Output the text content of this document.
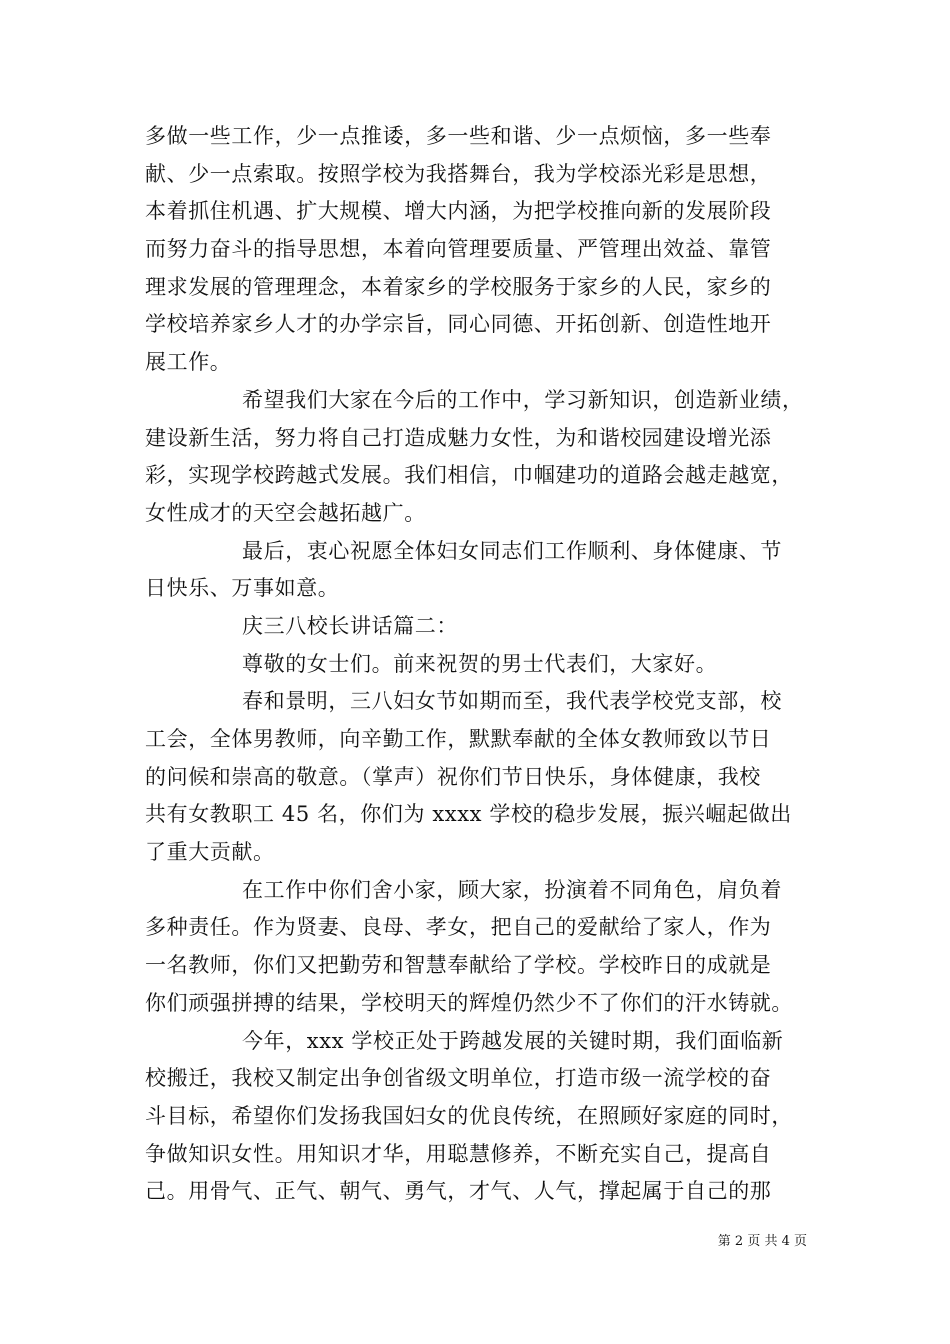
多做一些工作，少一点推诿，多一些和谐、少一点烦恼，多一些奉
献、少一点索取。按照学校为我搭舞台，我为学校添光彩是思想，
本着抓住机遇、扩大规模、增大内涵，为把学校推向新的发展阶段
而努力奋斗的指导思想，本着向管理要质量、严管理出效益、靠管
理求发展的管理理念，本着家乡的学校服务于家乡的人民，家乡的
学校培养家乡人才的办学宗旨，同心同德、开拓创新、创造性地开
展工作。
希望我们大家在今后的工作中，学习新知识，创造新业绩，
建设新生活，努力将自己打造成魅力女性，为和谐校园建设增光添
彩，实现学校跨越式发展。我们相信，巾帼建功的道路会越走越宽，
女性成才的天空会越拓越广。
最后，衷心祝愿全体妇女同志们工作顺利、身体健康、节
日快乐、万事如意。
庆三八校长讲话篇二：
尊敬的女士们。前来祝贺的男士代表们，大家好。
春和景明，三八妇女节如期而至，我代表学校党支部，校
工会，全体男教师，向辛勤工作，默默奉献的全体女教师致以节日
的问候和崇高的敬意。（掌声）祝你们节日快乐，身体健康，我校
共有女教职工 45 名，你们为 xxxx 学校的稳步发展，振兴崛起做出
了重大贡献。
在工作中你们舍小家，顾大家，扮演着不同角色，肩负着
多种责任。作为贤妻、良母、孝女，把自己的爱献给了家人，作为
一名教师，你们又把勤劳和智慧奉献给了学校。学校昨日的成就是
你们顽强拼搏的结果，学校明天的辉煌仍然少不了你们的汗水铸就。
今年，xxx 学校正处于跨越发展的关键时期，我们面临新
校搬迁，我校又制定出争创省级文明单位，打造市级一流学校的奋
斗目标，希望你们发扬我国妇女的优良传统，在照顾好家庭的同时，
争做知识女性。用知识才华，用聪慧修养，不断充实自己，提高自
己。用骨气、正气、朝气、勇气，才气、人气，撑起属于自己的那
第 2 页 共 4 页
